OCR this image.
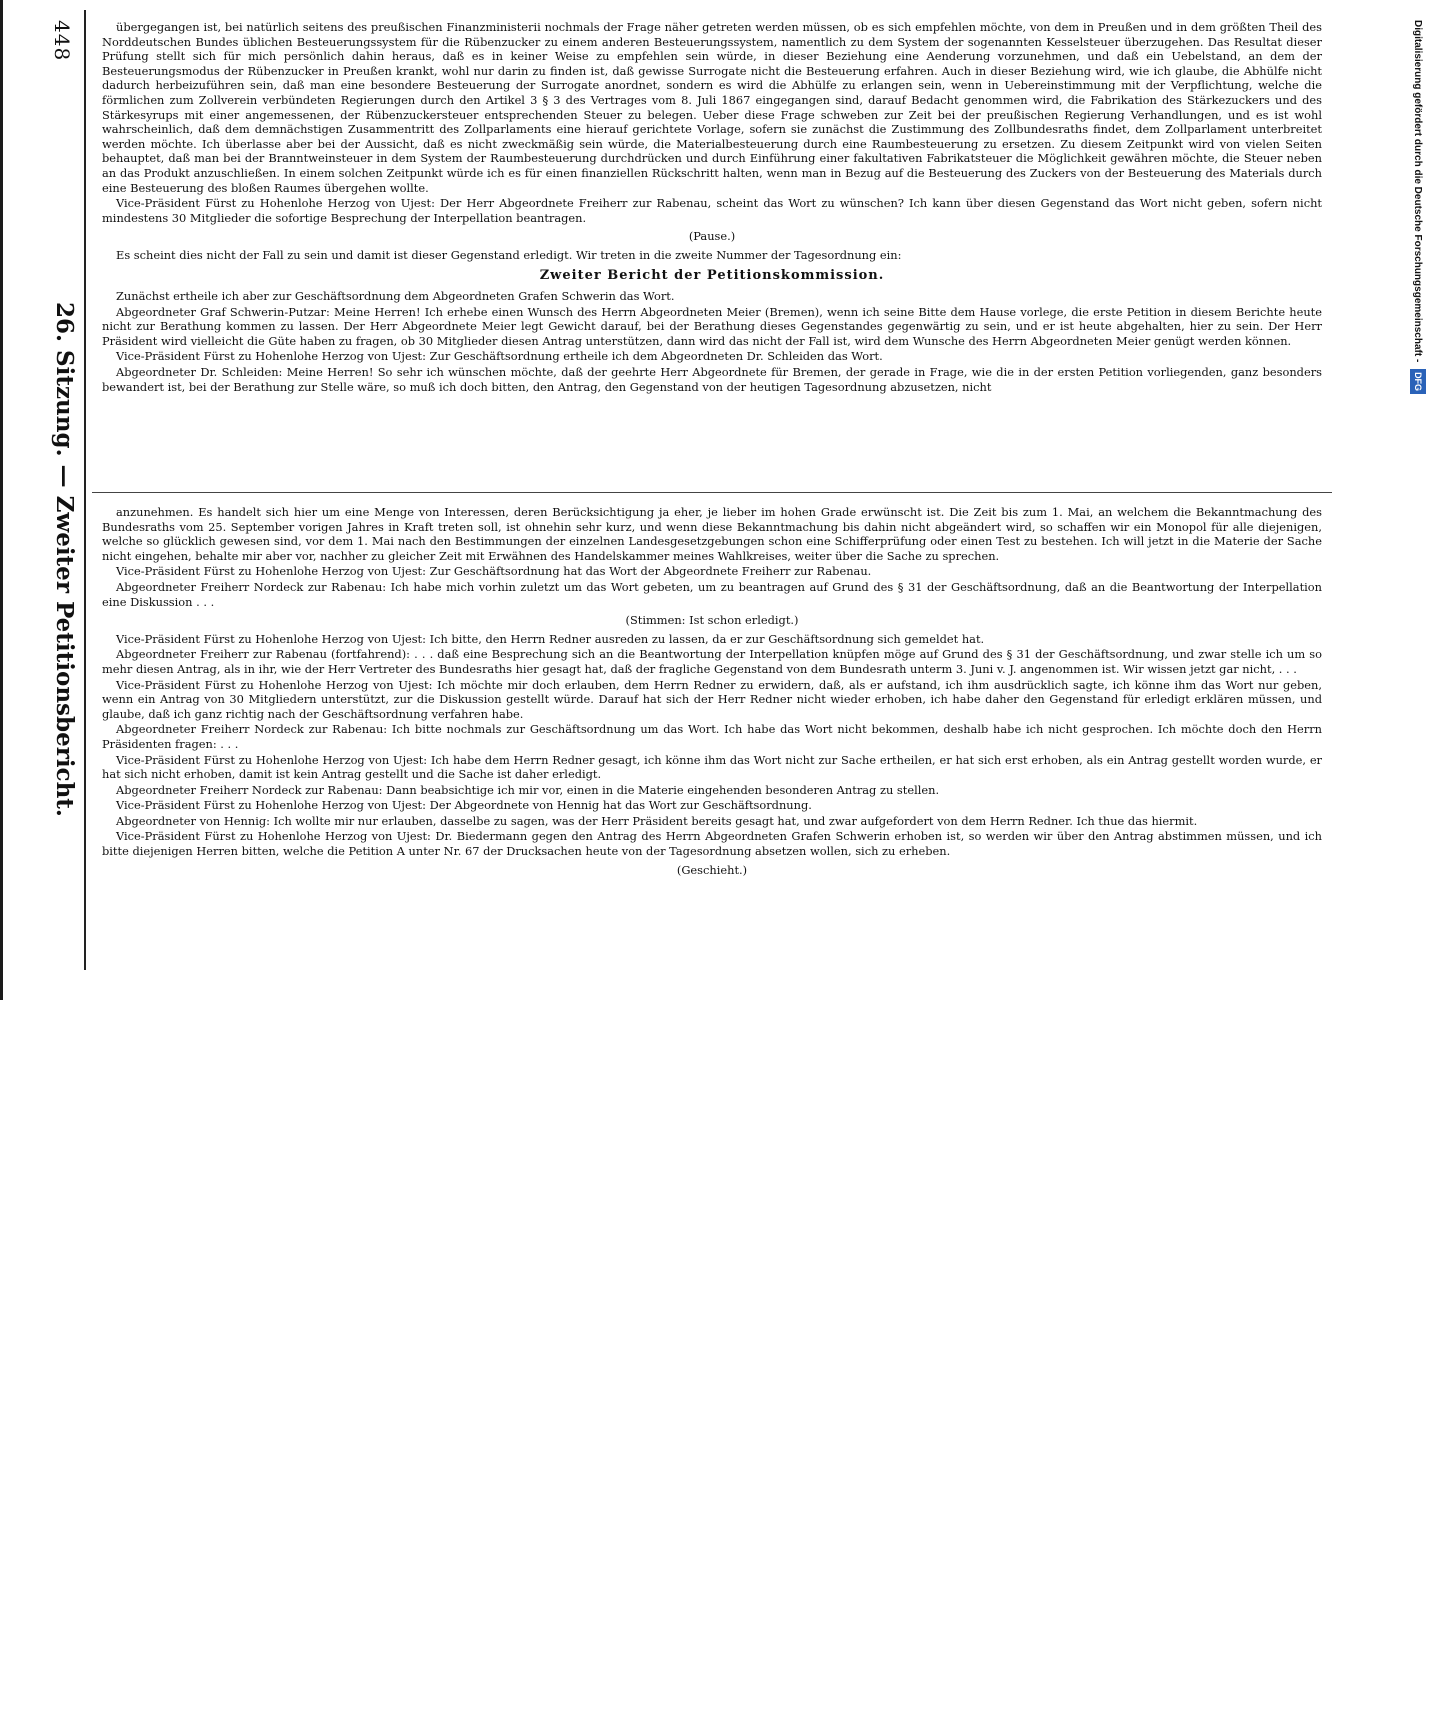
448
26. Sitzung. — Zweiter Petitionsbericht.

übergegangen ist, bei natürlich seitens des preußischen Finanzministerii nochmals der Frage näher getreten werden müssen, ob es sich empfehlen möchte, von dem in Preußen und in dem größten Theil des Norddeutschen Bundes üblichen Besteuerungssystem für die Rübenzucker zu einem anderen Besteuerungssystem, namentlich zu dem System der sogenannten Kesselsteuer überzugehen. Das Resultat dieser Prüfung stellt sich für mich persönlich dahin heraus, daß es in keiner Weise zu empfehlen sein würde, in dieser Beziehung eine Aenderung vorzunehmen, und daß ein Uebelstand, an dem der Besteuerungsmodus der Rübenzucker in Preußen krankt, wohl nur darin zu finden ist, daß gewisse Surrogate nicht die Besteuerung erfahren. Auch in dieser Beziehung wird, wie ich glaube, die Abhülfe nicht dadurch herbeizuführen sein, daß man eine besondere Besteuerung der Surrogate anordnet, sondern es wird die Abhülfe zu erlangen sein, wenn in Uebereinstimmung mit der Verpflichtung, welche die förmlichen zum Zollverein verbündeten Regierungen durch den Artikel 3 § 3 des Vertrages vom 8. Juli 1867 eingegangen sind, darauf Bedacht genommen wird, die Fabrikation des Stärkezuckers und des Stärkesyrups mit einer angemessenen, der Rübenzuckersteuer entsprechenden Steuer zu belegen. Ueber diese Frage schweben zur Zeit bei der preußischen Regierung Verhandlungen, und es ist wohl wahrscheinlich, daß dem demnächstigen Zusammentritt des Zollparlaments eine hierauf gerichtete Vorlage, sofern sie zunächst die Zustimmung des Zollbundesraths findet, dem Zollparlament unterbreitet werden möchte. Ich überlasse aber bei der Aussicht, daß es nicht zweckmäßig sein würde, die Materialbesteuerung durch eine Raumbesteuerung zu ersetzen. Zu diesem Zeitpunkt wird von vielen Seiten behauptet, daß man bei der Branntweinsteuer in dem System der Raumbesteuerung durchdrücken und durch Einführung einer fakultativen Fabrikatsteuer die Möglichkeit gewähren möchte, die Steuer neben an das Produkt anzuschließen. In einem solchen Zeitpunkt würde ich es für einen finanziellen Rückschritt halten, wenn man in Bezug auf die Besteuerung des Zuckers von der Besteuerung des Materials durch eine Besteuerung des bloßen Raumes übergehen wollte.

Vice-Präsident Fürst zu Hohenlohe Herzog von Ujest: Der Herr Abgeordnete Freiherr zur Rabenau, scheint das Wort zu wünschen? Ich kann über diesen Gegenstand das Wort nicht geben, sofern nicht mindestens 30 Mitglieder die sofortige Besprechung der Interpellation beantragen.

(Pause.)

Es scheint dies nicht der Fall zu sein und damit ist dieser Gegenstand erledigt. Wir treten in die zweite Nummer der Tagesordnung ein:

Zweiter Bericht der Petitionskommission.

Zunächst ertheile ich aber zur Geschäftsordnung dem Abgeordneten Grafen Schwerin das Wort.

Abgeordneter Graf Schwerin-Putzar: Meine Herren! Ich erhebe einen Wunsch des Herrn Abgeordneten Meier (Bremen), wenn ich seine Bitte dem Hause vorlege, die erste Petition in diesem Berichte heute nicht zur Berathung kommen zu lassen. Der Herr Abgeordnete Meier legt Gewicht darauf, bei der Berathung dieses Gegenstandes gegenwärtig zu sein, und er ist heute abgehalten, hier zu sein. Der Herr Präsident wird vielleicht die Güte haben zu fragen, ob 30 Mitglieder diesen Antrag unterstützen, dann wird das nicht der Fall ist, wird dem Wunsche des Herrn Abgeordneten Meier genügt werden können.

Vice-Präsident Fürst zu Hohenlohe Herzog von Ujest: Zur Geschäftsordnung ertheile ich dem Abgeordneten Dr. Schleiden das Wort.

Abgeordneter Dr. Schleiden: Meine Herren! So sehr ich wünschen möchte, daß der geehrte Herr Abgeordnete für Bremen, der gerade in Frage, wie die in der ersten Petition vorliegenden, ganz besonders bewandert ist, bei der Berathung zur Stelle wäre, so muß ich doch bitten, den Antrag, den Gegenstand von der heutigen Tagesordnung abzusetzen, nicht

anzunehmen. Es handelt sich hier um eine Menge von Interessen, deren Berücksichtigung ja eher, je lieber im hohen Grade erwünscht ist. Die Zeit bis zum 1. Mai, an welchem die Bekanntmachung des Bundesraths vom 25. September vorigen Jahres in Kraft treten soll, ist ohnehin sehr kurz, und wenn diese Bekanntmachung bis dahin nicht abgeändert wird, so schaffen wir ein Monopol für alle diejenigen, welche so glücklich gewesen sind, vor dem 1. Mai nach den Bestimmungen der einzelnen Landesgesetzgebungen schon eine Schifferprüfung oder einen Test zu bestehen. Ich will jetzt in die Materie der Sache nicht eingehen, behalte mir aber vor, nachher zu gleicher Zeit mit Erwähnen des Handelskammer meines Wahlkreises, weiter über die Sache zu sprechen.

Vice-Präsident Fürst zu Hohenlohe Herzog von Ujest: Zur Geschäftsordnung hat das Wort der Abgeordnete Freiherr zur Rabenau.

Abgeordneter Freiherr Nordeck zur Rabenau: Ich habe mich vorhin zuletzt um das Wort gebeten, um zu beantragen auf Grund des § 31 der Geschäftsordnung, daß an die Beantwortung der Interpellation eine Diskussion . . .

(Stimmen: Ist schon erledigt.)

Vice-Präsident Fürst zu Hohenlohe Herzog von Ujest: Ich bitte, den Herrn Redner ausreden zu lassen, da er zur Geschäftsordnung sich gemeldet hat.

Abgeordneter Freiherr zur Rabenau (fortfahrend): . . . daß eine Besprechung sich an die Beantwortung der Interpellation knüpfen möge auf Grund des § 31 der Geschäftsordnung, und zwar stelle ich um so mehr diesen Antrag, als in ihr, wie der Herr Vertreter des Bundesraths hier gesagt hat, daß der fragliche Gegenstand von dem Bundesrath unterm 3. Juni v. J. angenommen ist. Wir wissen jetzt gar nicht, . . .

Vice-Präsident Fürst zu Hohenlohe Herzog von Ujest: Ich möchte mir doch erlauben, dem Herrn Redner zu erwidern, daß, als er aufstand, ich ihm ausdrücklich sagte, ich könne ihm das Wort nur geben, wenn ein Antrag von 30 Mitgliedern unterstützt, zur die Diskussion gestellt würde. Darauf hat sich der Herr Redner nicht wieder erhoben, ich habe daher den Gegenstand für erledigt erklären müssen, und glaube, daß ich ganz richtig nach der Geschäftsordnung verfahren habe.

Abgeordneter Freiherr Nordeck zur Rabenau: Ich bitte nochmals zur Geschäftsordnung um das Wort. Ich habe das Wort nicht bekommen, deshalb habe ich nicht gesprochen. Ich möchte doch den Herrn Präsidenten fragen: . . .

Vice-Präsident Fürst zu Hohenlohe Herzog von Ujest: Ich habe dem Herrn Redner gesagt, ich könne ihm das Wort nicht zur Sache ertheilen, er hat sich erst erhoben, als ein Antrag gestellt worden wurde, er hat sich nicht erhoben, damit ist kein Antrag gestellt und die Sache ist daher erledigt.

Abgeordneter Freiherr Nordeck zur Rabenau: Dann beabsichtige ich mir vor, einen in die Materie eingehenden besonderen Antrag zu stellen.

Vice-Präsident Fürst zu Hohenlohe Herzog von Ujest: Der Abgeordnete von Hennig hat das Wort zur Geschäftsordnung.

Abgeordneter von Hennig: Ich wollte mir nur erlauben, dasselbe zu sagen, was der Herr Präsident bereits gesagt hat, und zwar aufgefordert von dem Herrn Redner. Ich thue das hiermit.

Vice-Präsident Fürst zu Hohenlohe Herzog von Ujest: Dr. Biedermann gegen den Antrag des Herrn Abgeordneten Grafen Schwerin erhoben ist, so werden wir über den Antrag abstimmen müssen, und ich bitte diejenigen Herren bitten, welche die Petition A unter Nr. 67 der Drucksachen heute von der Tagesordnung absetzen wollen, sich zu erheben.

(Geschieht.)

Digitalisierung gefördert durch die Deutsche Forschungsgemeinschaft - DFG
